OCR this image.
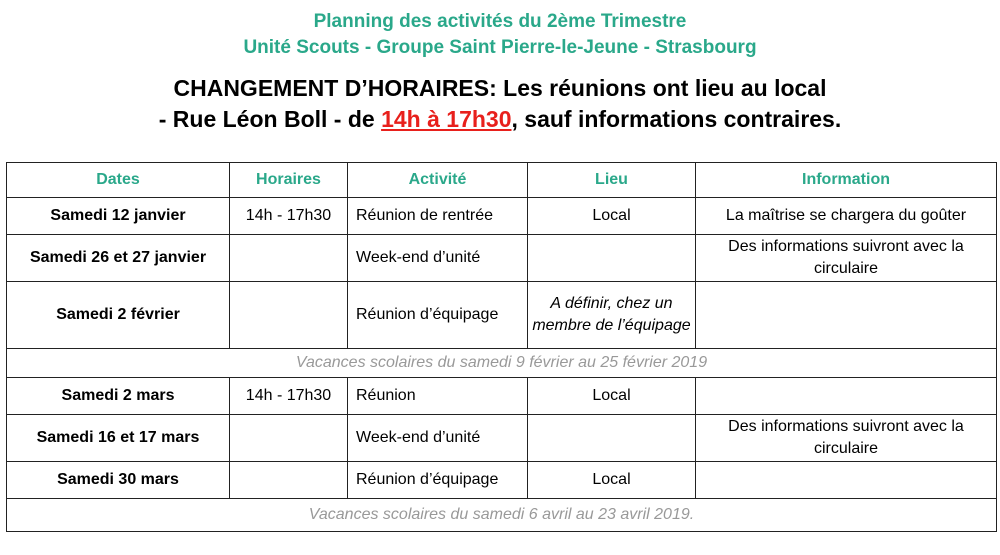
Planning des activités du 2ème Trimestre
Unité Scouts - Groupe Saint Pierre-le-Jeune - Strasbourg
CHANGEMENT D’HORAIRES: Les réunions ont lieu au local
- Rue Léon Boll - de 14h à 17h30, sauf informations contraires.
Dates	Horaires	Activité	Lieu	Information
Samedi 12 janvier	14h - 17h30	Réunion de rentrée	Local	La maîtrise se chargera du goûter
Samedi 26 et 27 janvier		Week-end d’unité		Des informations suivront avec la circulaire
Samedi 2 février		Réunion d’équipage	A définir, chez un membre de l’équipage	
Vacances scolaires du samedi 9 février au 25 février 2019				
Samedi 2 mars	14h - 17h30	Réunion	Local	
Samedi 16 et 17 mars		Week-end d’unité		Des informations suivront avec la circulaire
Samedi 30 mars		Réunion d’équipage	Local	
Vacances scolaires du samedi 6 avril au 23 avril 2019.				
